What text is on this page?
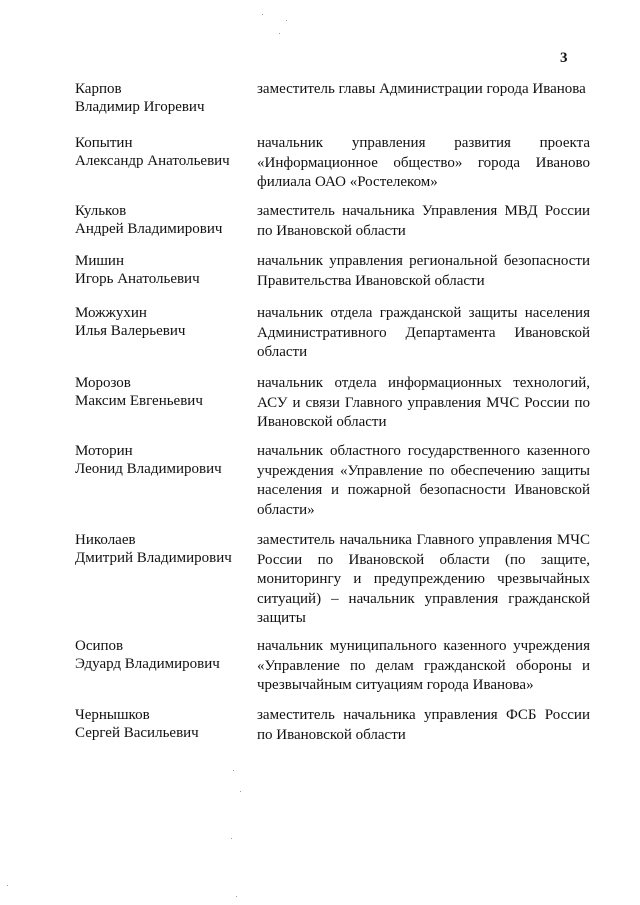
3
Карпов
Владимир Игоревич
заместитель главы Администрации города Иванова
Копытин
Александр Анатольевич
начальник управления развития проекта «Информационное общество» города Иваново филиала ОАО «Ростелеком»
Кульков
Андрей Владимирович
заместитель начальника Управления МВД России по Ивановской области
Мишин
Игорь Анатольевич
начальник управления региональной безопасности Правительства Ивановской области
Можжухин
Илья Валерьевич
начальник отдела гражданской защиты населения Административного Департамента Ивановской области
Морозов
Максим Евгеньевич
начальник отдела информационных технологий, АСУ и связи Главного управления МЧС России по Ивановской области
Моторин
Леонид Владимирович
начальник областного государственного казенного учреждения «Управление по обеспечению защиты населения и пожарной безопасности Ивановской области»
Николаев
Дмитрий Владимирович
заместитель начальника Главного управления МЧС России по Ивановской области (по защите, мониторингу и предупреждению чрезвычайных ситуаций) – начальник управления гражданской защиты
Осипов
Эдуард Владимирович
начальник муниципального казенного учреждения «Управление по делам гражданской обороны и чрезвычайным ситуациям города Иванова»
Чернышков
Сергей Васильевич
заместитель начальника управления ФСБ России по Ивановской области
